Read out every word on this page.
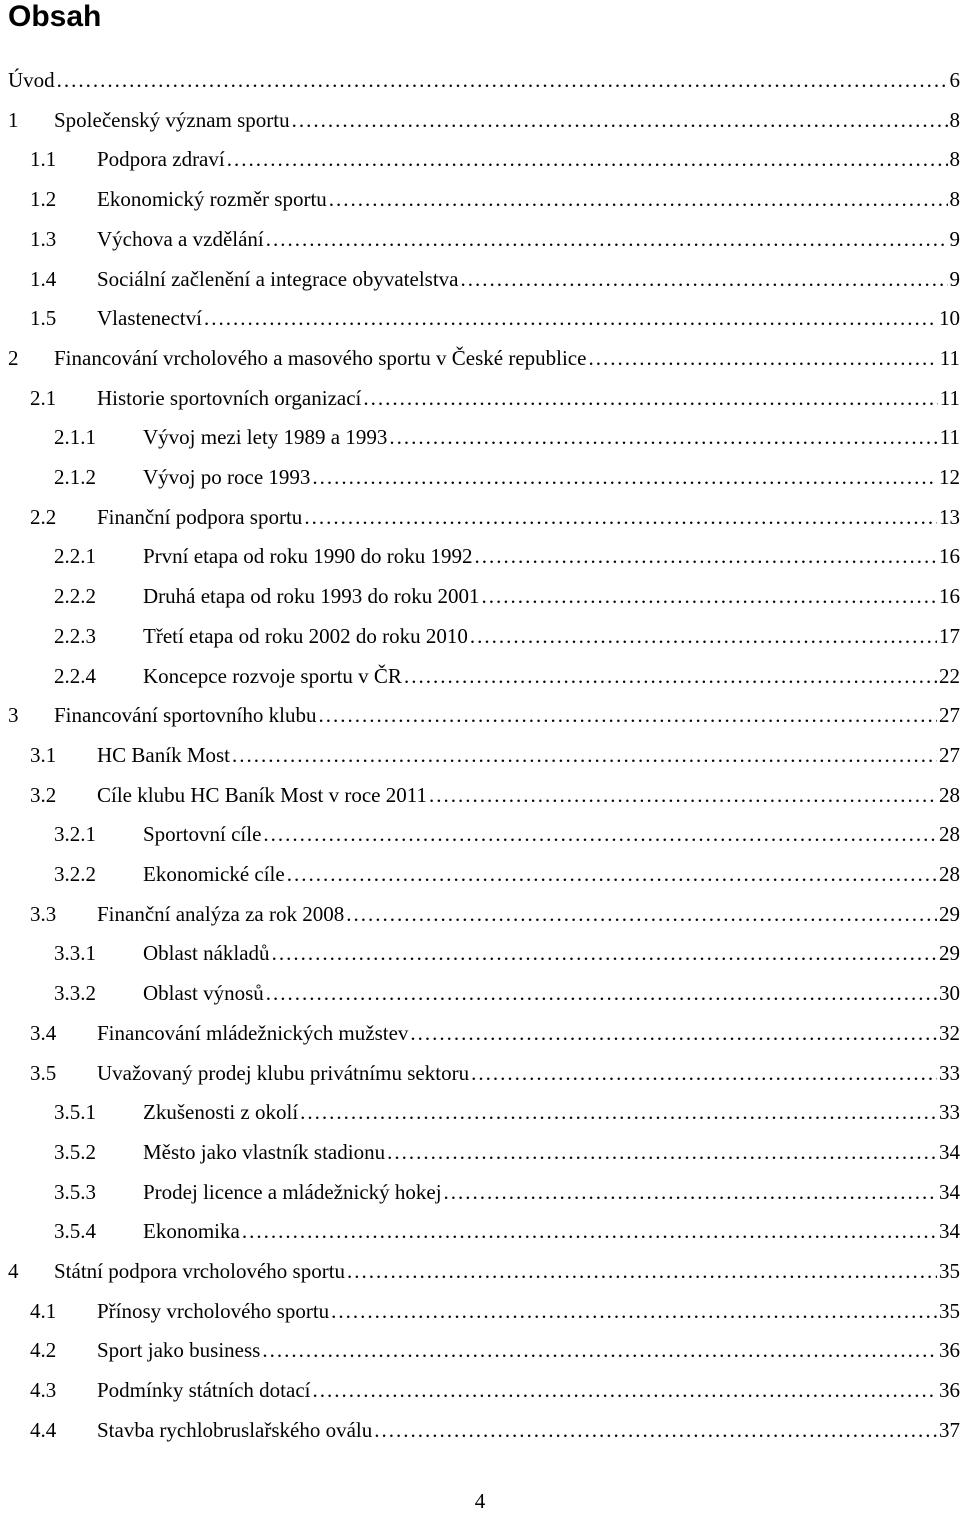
Obsah
Úvod .....	6
1 Společenský význam sportu .....	8
1.1 Podpora zdraví .....	8
1.2 Ekonomický rozměr sportu .....	8
1.3 Výchova a vzdělání .....	9
1.4 Sociální začlenění a integrace obyvatelstva .....	9
1.5 Vlastenectví .....	10
2 Financování vrcholového a masového sportu v České republice .....	11
2.1 Historie sportovních organizací .....	11
2.1.1 Vývoj mezi lety 1989 a 1993 .....	11
2.1.2 Vývoj po roce 1993 .....	12
2.2 Finanční podpora sportu .....	13
2.2.1 První etapa od roku 1990 do roku 1992 .....	16
2.2.2 Druhá etapa od roku 1993 do roku 2001 .....	16
2.2.3 Třetí etapa od roku 2002 do roku 2010 .....	17
2.2.4 Koncepce rozvoje sportu v ČR .....	22
3 Financování sportovního klubu .....	27
3.1 HC Baník Most .....	27
3.2 Cíle klubu HC Baník Most v roce 2011 .....	28
3.2.1 Sportovní cíle .....	28
3.2.2 Ekonomické cíle .....	28
3.3 Finanční analýza za rok 2008 .....	29
3.3.1 Oblast nákladů .....	29
3.3.2 Oblast výnosů .....	30
3.4 Financování mládežnických mužstev .....	32
3.5 Uvažovaný prodej klubu privátnímu sektoru .....	33
3.5.1 Zkušenosti z okolí .....	33
3.5.2 Město jako vlastník stadionu .....	34
3.5.3 Prodej licence a mládežnický hokej .....	34
3.5.4 Ekonomika .....	34
4 Státní podpora vrcholového sportu .....	35
4.1 Přínosy vrcholového sportu .....	35
4.2 Sport jako business .....	36
4.3 Podmínky státních dotací .....	36
4.4 Stavba rychlobruslařského oválu .....	37
4
